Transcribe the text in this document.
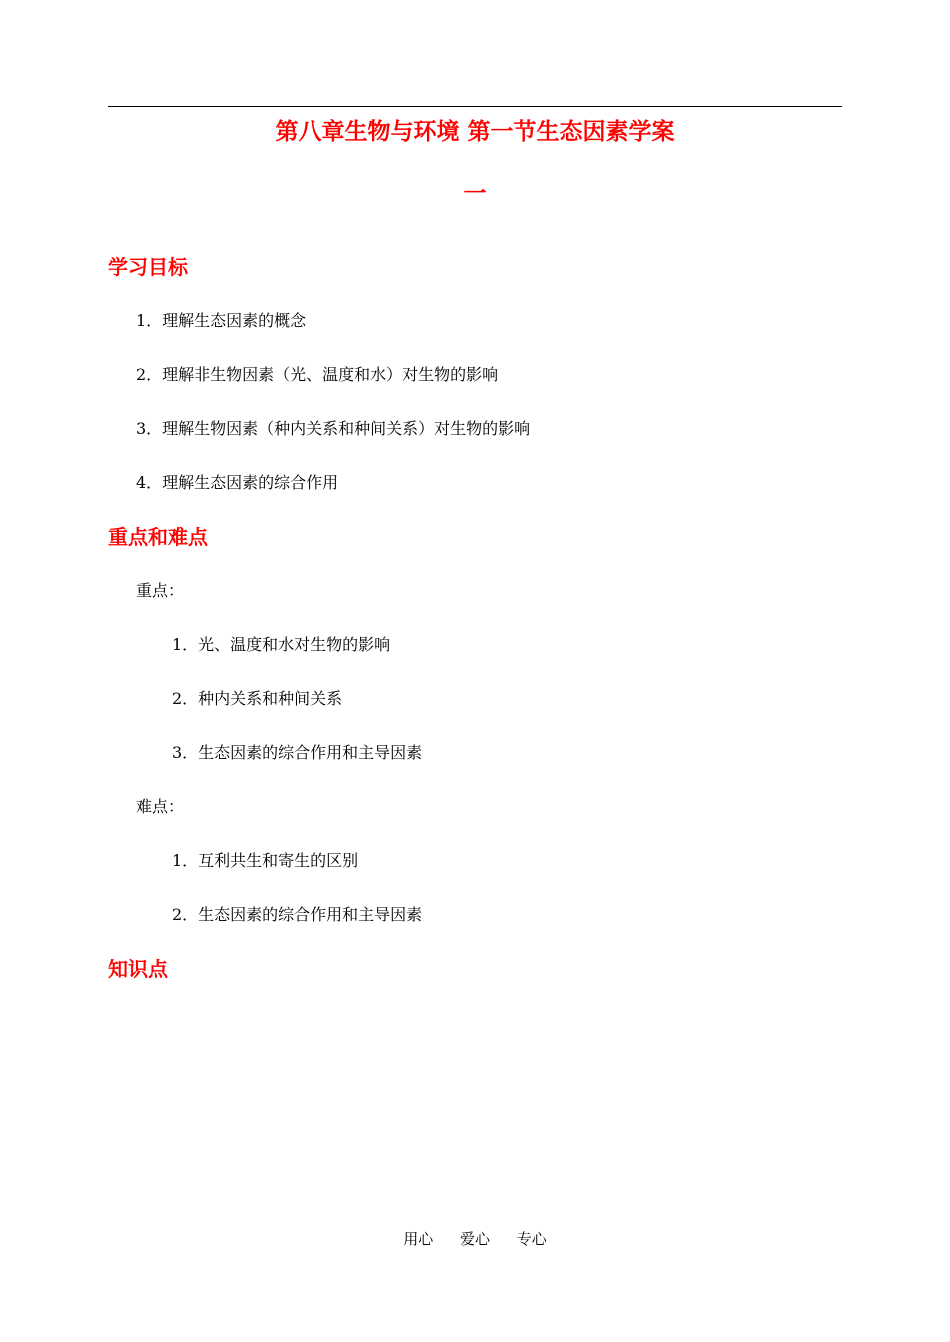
第八章生物与环境 第一节生态因素学案
一
学习目标
1．理解生态因素的概念
2．理解非生物因素（光、温度和水）对生物的影响
3．理解生物因素（种内关系和种间关系）对生物的影响
4．理解生态因素的综合作用
重点和难点
重点：
1．光、温度和水对生物的影响
2．种内关系和种间关系
3．生态因素的综合作用和主导因素
难点：
1．互利共生和寄生的区别
2．生态因素的综合作用和主导因素
知识点
用心 爱心 专心
